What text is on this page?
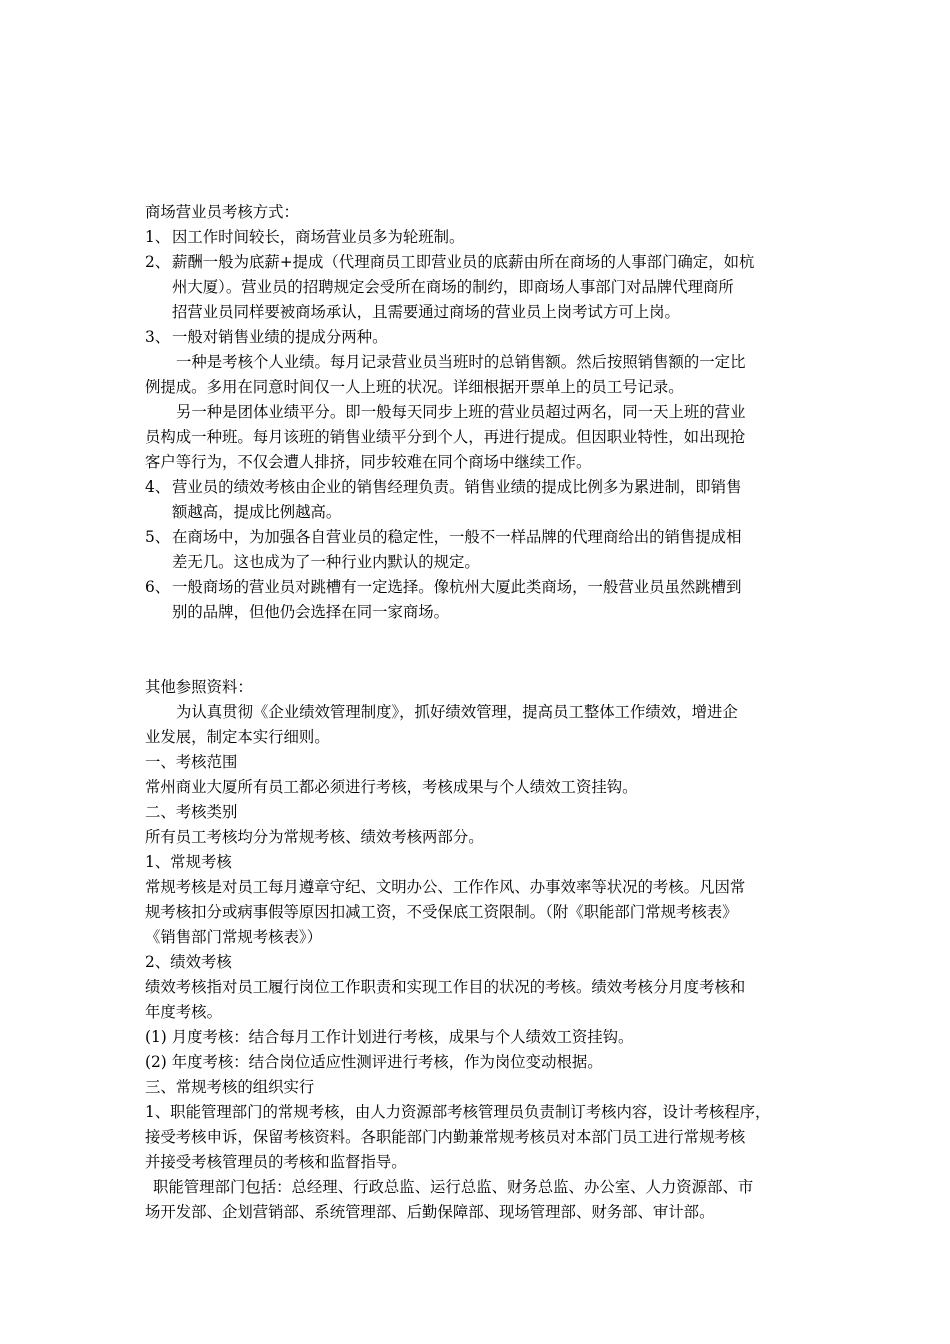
商场营业员考核方式：
1、 因工作时间较长，商场营业员多为轮班制。
2、 薪酬一般为底薪+提成（代理商员工即营业员的底薪由所在商场的人事部门确定，如杭
州大厦）。营业员的招聘规定会受所在商场的制约，即商场人事部门对品牌代理商所
招营业员同样要被商场承认，且需要通过商场的营业员上岗考试方可上岗。
3、 一般对销售业绩的提成分两种。
一种是考核个人业绩。每月记录营业员当班时的总销售额。然后按照销售额的一定比
例提成。多用在同意时间仅一人上班的状况。详细根据开票单上的员工号记录。
另一种是团体业绩平分。即一般每天同步上班的营业员超过两名，同一天上班的营业
员构成一种班。每月该班的销售业绩平分到个人，再进行提成。但因职业特性，如出现抢
客户等行为，不仅会遭人排挤，同步较难在同个商场中继续工作。
4、 营业员的绩效考核由企业的销售经理负责。销售业绩的提成比例多为累进制，即销售
额越高，提成比例越高。
5、 在商场中，为加强各自营业员的稳定性，一般不一样品牌的代理商给出的销售提成相
差无几。这也成为了一种行业内默认的规定。
6、 一般商场的营业员对跳槽有一定选择。像杭州大厦此类商场，一般营业员虽然跳槽到
别的品牌，但他仍会选择在同一家商场。
其他参照资料：
为认真贯彻《企业绩效管理制度》，抓好绩效管理，提高员工整体工作绩效，增进企
业发展，制定本实行细则。
一、考核范围
常州商业大厦所有员工都必须进行考核，考核成果与个人绩效工资挂钩。
二、考核类别
所有员工考核均分为常规考核、绩效考核两部分。
1、常规考核
常规考核是对员工每月遵章守纪、文明办公、工作作风、办事效率等状况的考核。凡因常
规考核扣分或病事假等原因扣减工资，不受保底工资限制。（附《职能部门常规考核表》
《销售部门常规考核表》）
2、绩效考核
绩效考核指对员工履行岗位工作职责和实现工作目的状况的考核。绩效考核分月度考核和
年度考核。
(1) 月度考核：结合每月工作计划进行考核，成果与个人绩效工资挂钩。
(2) 年度考核：结合岗位适应性测评进行考核，作为岗位变动根据。
三、常规考核的组织实行
1、职能管理部门的常规考核，由人力资源部考核管理员负责制订考核内容，设计考核程序，
接受考核申诉，保留考核资料。各职能部门内勤兼常规考核员对本部门员工进行常规考核
并接受考核管理员的考核和监督指导。
职能管理部门包括：总经理、行政总监、运行总监、财务总监、办公室、人力资源部、市
场开发部、企划营销部、系统管理部、后勤保障部、现场管理部、财务部、审计部。
